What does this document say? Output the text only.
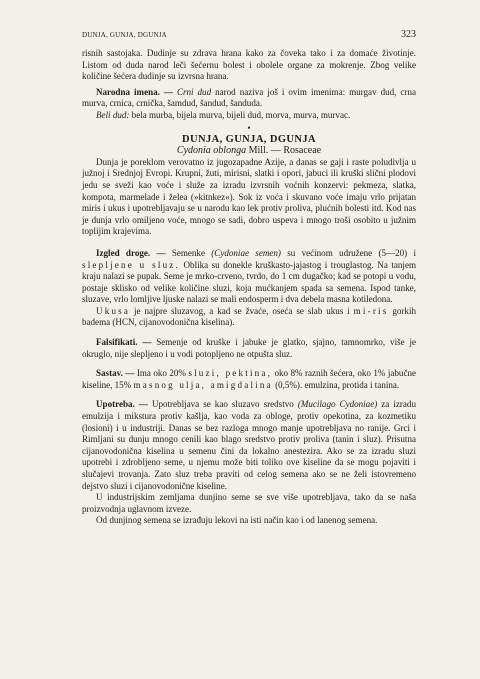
DUNJA, GUNJA, DGUNJA	323

risnih sastojaka. Dudinje su zdrava hrana kako za čoveka tako i za domaće životinje. Listom od duda narod leči šećernu bolest i obolele organe za mokrenje. Zbog velike količine šećera dudinje su izvrsna hrana.

Narodna imena. — Crni dud narod naziva još i ovim imenima: murgav dud, crna murva, crnica, crnička, šamdud, šandud, šanduda.

Beli dud: bela murba, bijela murva, bijeli dud, morva, murva, murvac.

•

DUNJA, GUNJA, DGUNJA

Cydonia oblonga Mill. — Rosaceae

Dunja je poreklom verovatno iz jugozapadne Azije, a danas se gaji i raste poludivlja u južnoj i Srednjoj Evropi. Krupni, žuti, mirisni, slatki i opori, jabuci ili kruški slični plodovi jedu se sveži kao voće i služe za izradu izvrsnih voćnih konzervi: pekmeza, slatka, kompota, marmelade i želea (»kitnkez«). Sok iz voća i skuvano voće imaju vrlo prijatan miris i ukus i upotrebljavaju se u narodu kao lek protiv proliva, plućnih bolesti itd. Kod nas je dunja vrlo omiljeno voće, mnogo se sadi, dobro uspeva i mnogo troši osobito u južnim toplijim krajevima.

Izgled droge. — Semenke (Cydoniae semen) su većinom udružene (5—20) i slepljene u sluz. Oblika su donekle kruškasto-jajastog i trouglastog. Na tanjem kraju nalazi se pupak. Seme je mrko-crveno, tvrdo, do 1 cm dugačko; kad se potopi u vodu, postaje sklisko od velike količine sluzi, koja mućkanjem spada sa semena. Ispod tanke, sluzave, vrlo lomljive ljuske nalazi se mali endosperm i dva debela masna kotiledona.

Ukusa je najpre sluzavog, a kad se žvaće, oseća se slab ukus i mi-ris gorkih badema (HCN, cijanovodonična kiselina).

Falsifikati. — Semenje od kruške i jabuke je glatko, sjajno, tamnomrko, više je okruglo, nije slepljeno i u vodi potopljeno ne otpušta sluz.

Sastav. — Ima oko 20% sluzi, pektina, oko 8% raznih šećera, oko 1% jabučne kiseline, 15% masnog ulja, amigdalina (0,5%). emulzina, protida i tanina.

Upotreba. — Upotrebljava se kao sluzavo sredstvo (Mucilago Cydoniae) za izradu emulzija i mikstura protiv kašlja, kao voda za obloge, protiv opekotina, za kozmetiku (losioni) i u industriji. Danas se bez razloga mnogo manje upotrebljava no ranije. Grci i Rimljani su dunju mnogo cenili kao blago sredstvo protiv proliva (tanin i sluz). Prisutna cijanovodonična kiselina u semenu čini da lokalno anestezira. Ako se za izradu sluzi upotrebi i zdrobljeno seme, u njemu može biti toliko ove kiseline da se mogu pojaviti i slučajevi trovanja. Zato sluz treba praviti od celog semena ako se ne želi istovremeno dejstvo sluzi i cijanovodonične kiseline.

U industrijskim zemljama dunjino seme se sve više upotrebljava, tako da se naša proizvodnja uglavnom izveze.

Od dunjinog semena se izrađuju lekovi na isti način kao i od lanenog semena.
